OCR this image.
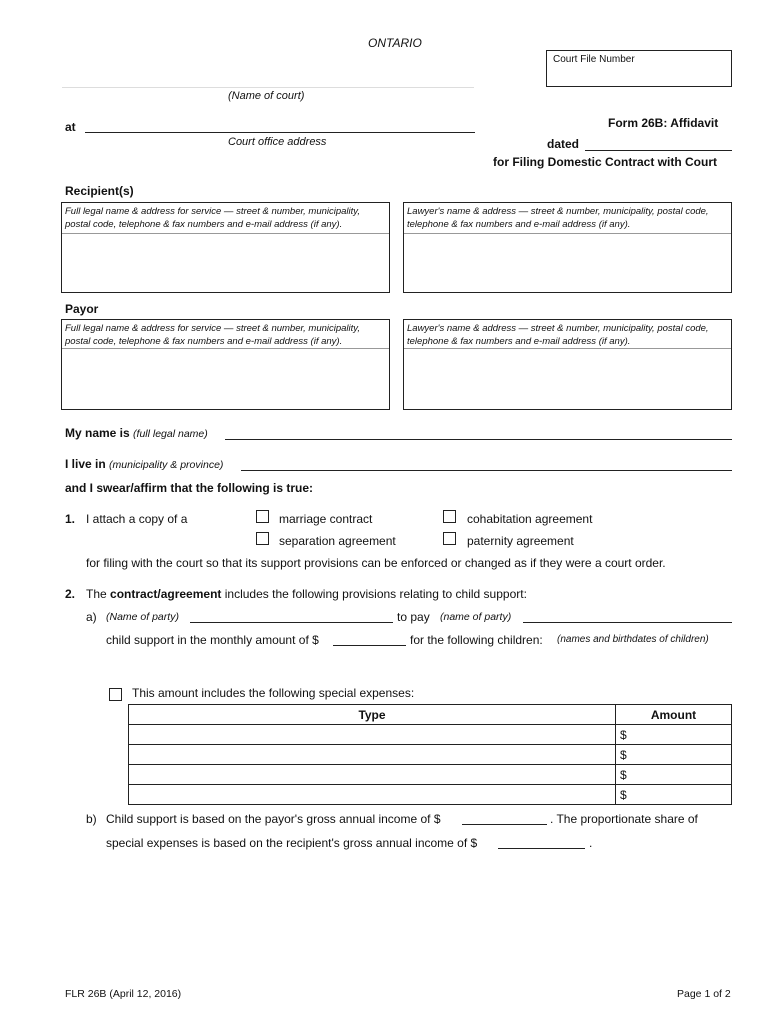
ONTARIO
Court File Number
(Name of court)
at
Court office address
Form 26B: Affidavit
dated
for Filing Domestic Contract with Court
Recipient(s)
Full legal name & address for service — street & number, municipality, postal code, telephone & fax numbers and e-mail address (if any).
Lawyer's name & address — street & number, municipality, postal code, telephone & fax numbers and e-mail address (if any).
Payor
Full legal name & address for service — street & number, municipality, postal code, telephone & fax numbers and e-mail address (if any).
Lawyer's name & address — street & number, municipality, postal code, telephone & fax numbers and e-mail address (if any).
My name is (full legal name)
I live in (municipality & province)
and I swear/affirm that the following is true:
1. I attach a copy of a	marriage contract	cohabitation agreement
separation agreement	paternity agreement
for filing with the court so that its support provisions can be enforced or changed as if they were a court order.
2. The contract/agreement includes the following provisions relating to child support:
a) (Name of party)	to pay (name of party)
child support in the monthly amount of $	for the following children: (names and birthdates of children)
This amount includes the following special expenses:
Type	Amount
	$
	$
	$
	$
b) Child support is based on the payor's gross annual income of $	. The proportionate share of
special expenses is based on the recipient's gross annual income of $	.
FLR 26B (April 12, 2016)	Page 1 of 2
